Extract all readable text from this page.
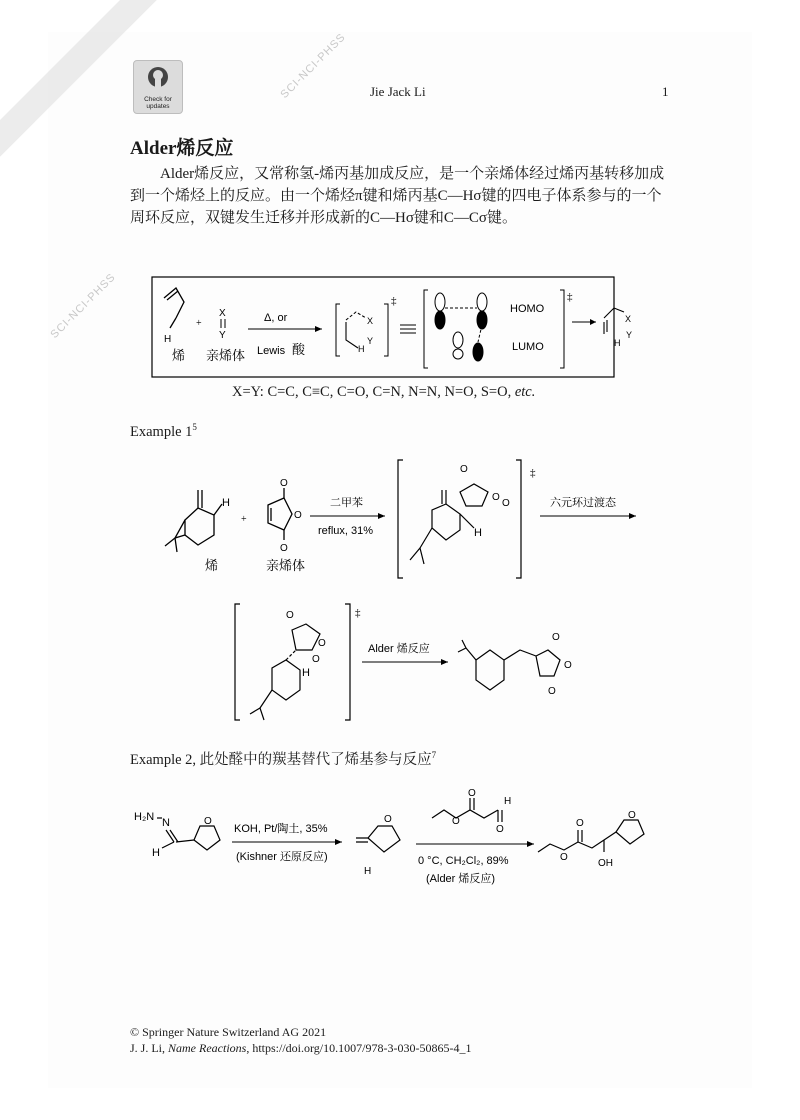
SCI-NCI-PHSS
SCI-NCI-PHSS
Check for
updates
Jie Jack Li	1
Alder烯反应
Alder烯反应，又常称氢-烯丙基加成反应，是一个亲烯体经过烯丙基转移加成到一个烯烃上的反应。由一个烯烃π键和烯丙基C—Hσ键的四电子体系参与的一个周环反应，双键发生迁移并形成新的C—Hσ键和C—Cσ键。
H
烯
+
X
Y
亲烯体
Δ, or
Lewis 酸
X
Y
H
‡
HOMO
LUMO
‡
X
Y
H
X=Y: C=C, C≡C, C=O, C=N, N=N, N=O, S=O, etc.
Example $1^5$
H
烯
+
O
O
O
亲烯体
二甲苯
reflux, 31%
O
O
O
H
‡
六元环过渡态
O
O
O
H
‡
Alder 烯反应
O
O
O
Example 2, 此处醛中的羰基替代了烯基参与反应$^7$
H₂N N
H
O
KOH, Pt/陶土, 35%
(Kishner 还原反应)
O
H
O
O
H
O
0 °C, CH₂Cl₂, 89%
(Alder 烯反应)
O
O
OH
O
© Springer Nature Switzerland AG 2021
J. J. Li, Name Reactions, https://doi.org/10.1007/978-3-030-50865-4_1
